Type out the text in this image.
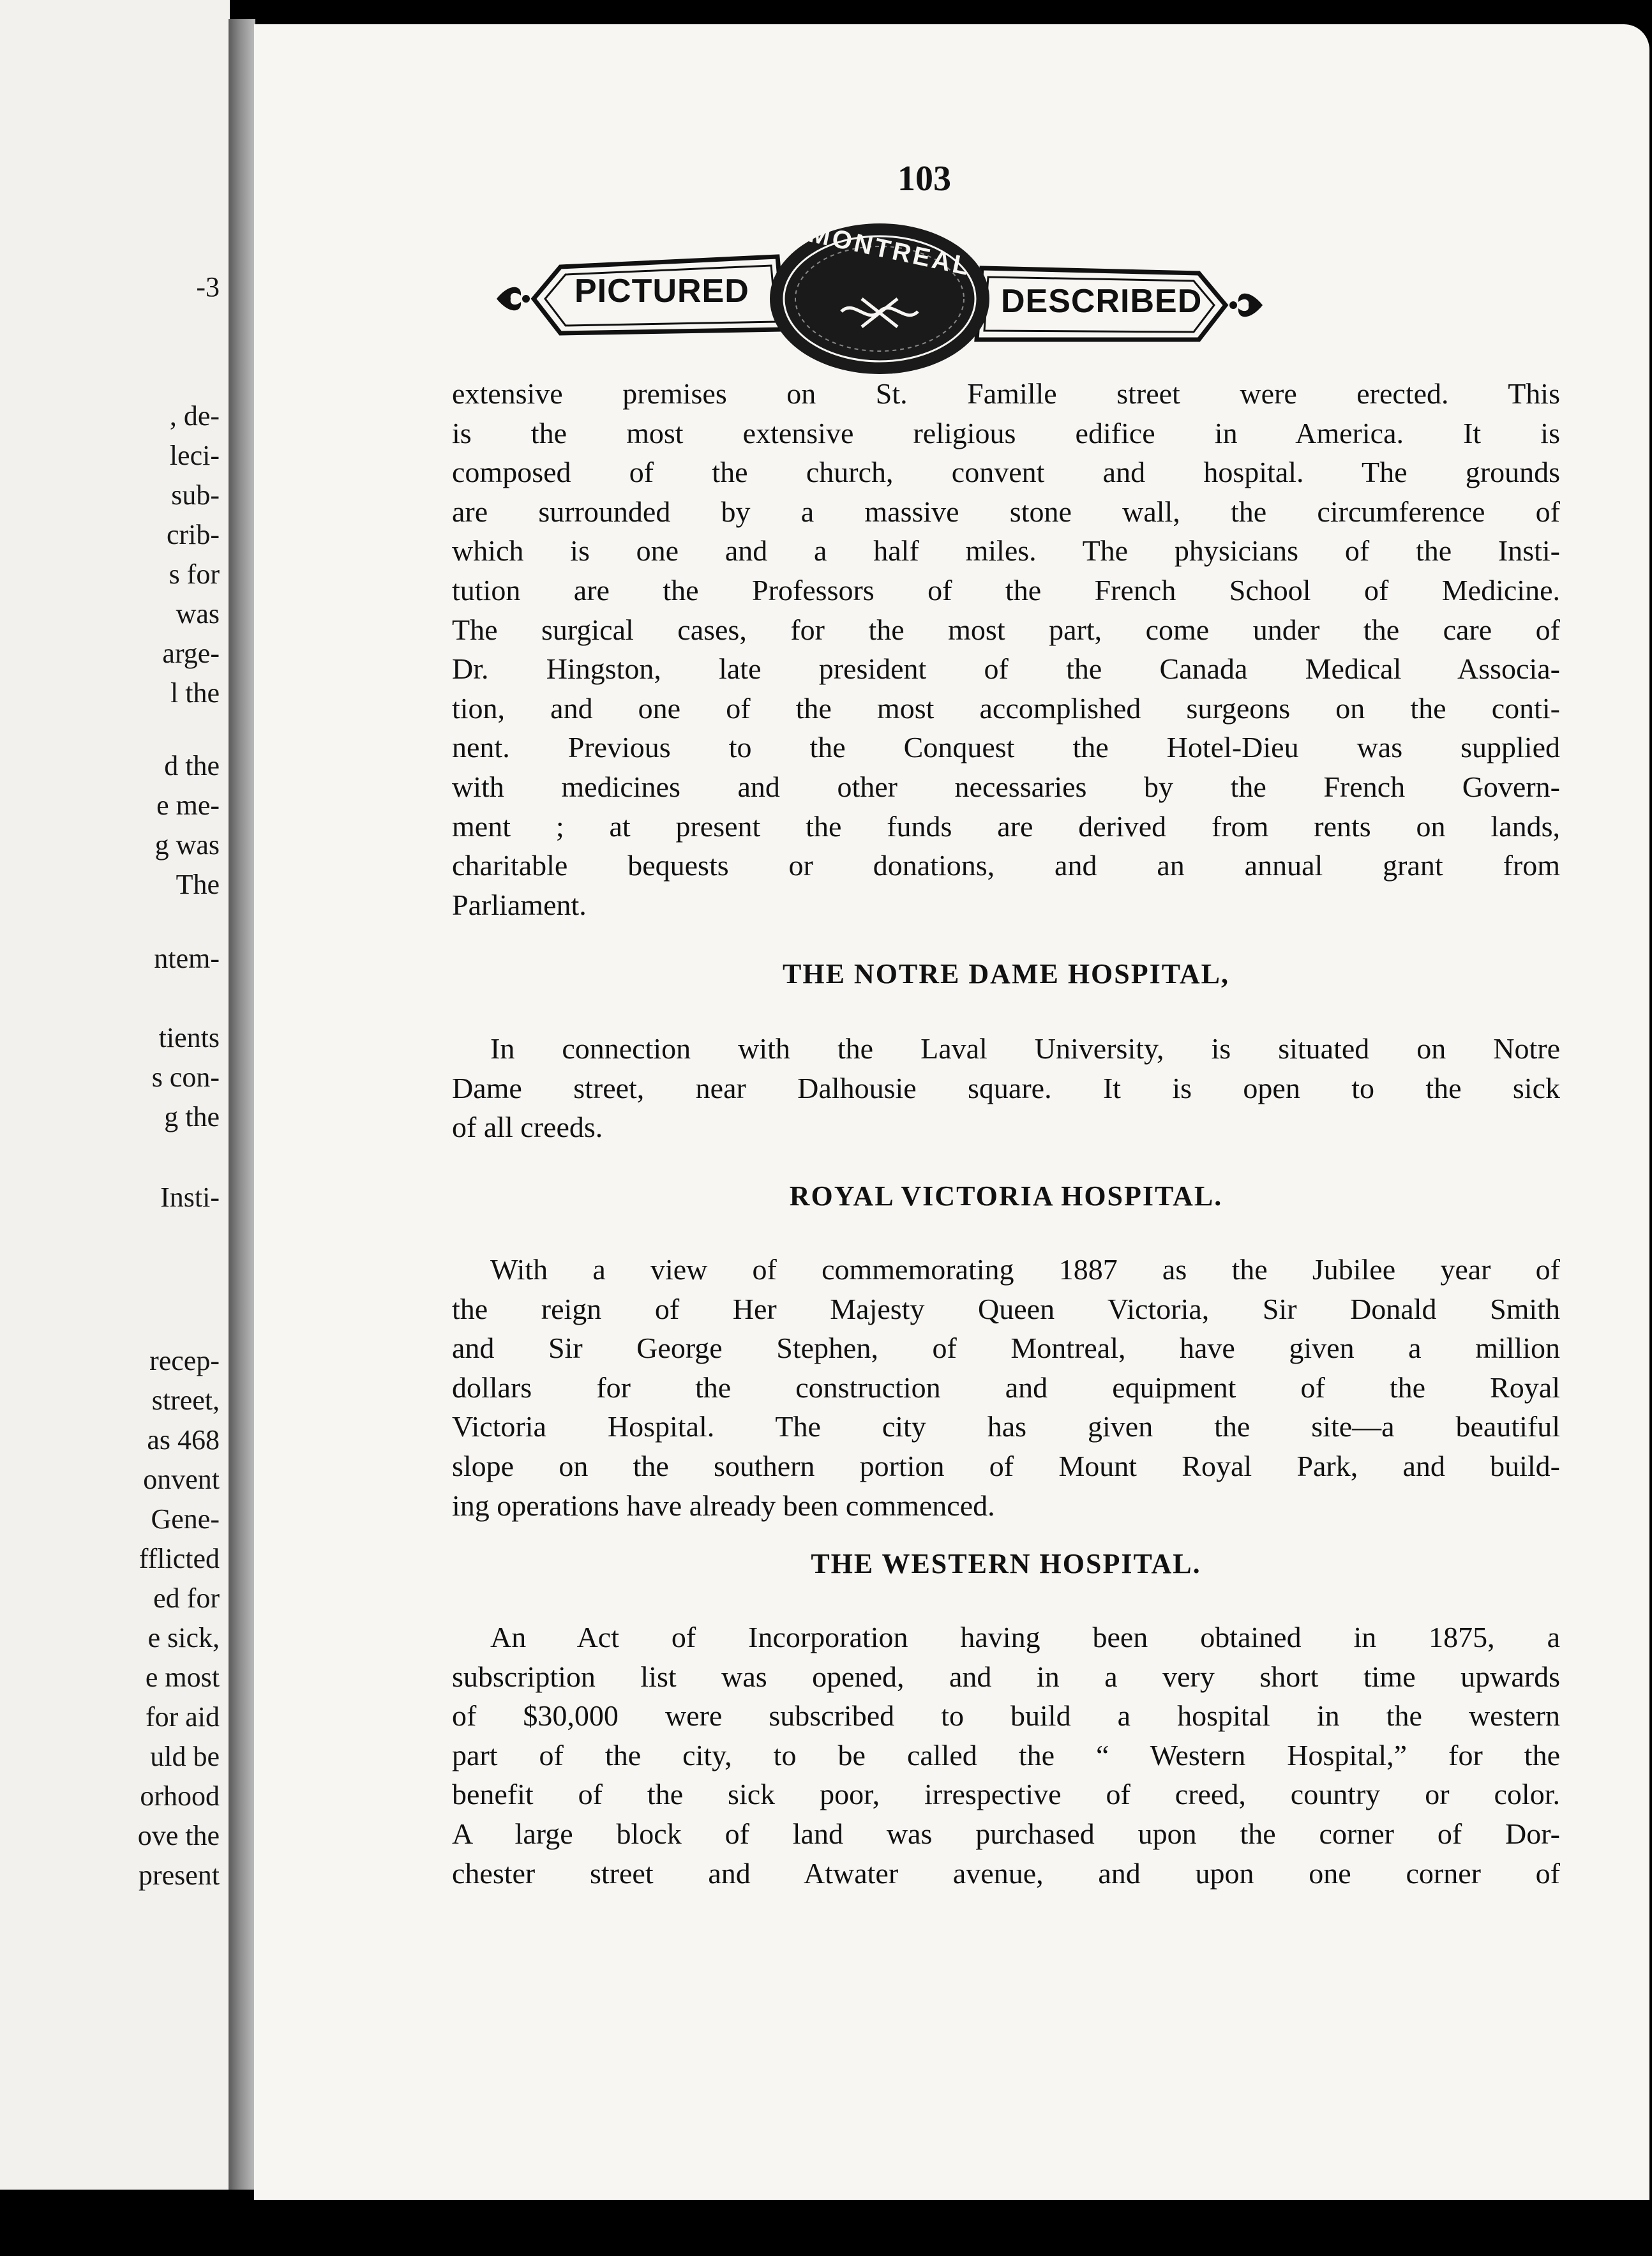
-3
, de-
leci-
sub-
crib-
s for
was
arge-
l the
d the
e me-
g was
The
ntem-
tients
s con-
g the
Insti-
recep-
street,
as 468
onvent
Gene-
fflicted
ed for
e sick,
e most
for aid
uld be
orhood
ove the
present
103
PICTURED
MONTREAL
DESCRIBED
extensive premises on St. Famille street were erected. This
is the most extensive religious edifice in America. It is
composed of the church, convent and hospital. The grounds
are surrounded by a massive stone wall, the circumference of
which is one and a half miles. The physicians of the Insti-
tution are the Professors of the French School of Medicine.
The surgical cases, for the most part, come under the care of
Dr. Hingston, late president of the Canada Medical Associa-
tion, and one of the most accomplished surgeons on the conti-
nent. Previous to the Conquest the Hotel-Dieu was supplied
with medicines and other necessaries by the French Govern-
ment ; at present the funds are derived from rents on lands,
charitable bequests or donations, and an annual grant from
Parliament.
THE NOTRE DAME HOSPITAL,
In connection with the Laval University, is situated on Notre
Dame street, near Dalhousie square. It is open to the sick
of all creeds.
ROYAL VICTORIA HOSPITAL.
With a view of commemorating 1887 as the Jubilee year of
the reign of Her Majesty Queen Victoria, Sir Donald Smith
and Sir George Stephen, of Montreal, have given a million
dollars for the construction and equipment of the Royal
Victoria Hospital. The city has given the site—a beautiful
slope on the southern portion of Mount Royal Park, and build-
ing operations have already been commenced.
THE WESTERN HOSPITAL.
An Act of Incorporation having been obtained in 1875, a
subscription list was opened, and in a very short time upwards
of $30,000 were subscribed to build a hospital in the western
part of the city, to be called the “ Western Hospital,” for the
benefit of the sick poor, irrespective of creed, country or color.
A large block of land was purchased upon the corner of Dor-
chester street and Atwater avenue, and upon one corner of
